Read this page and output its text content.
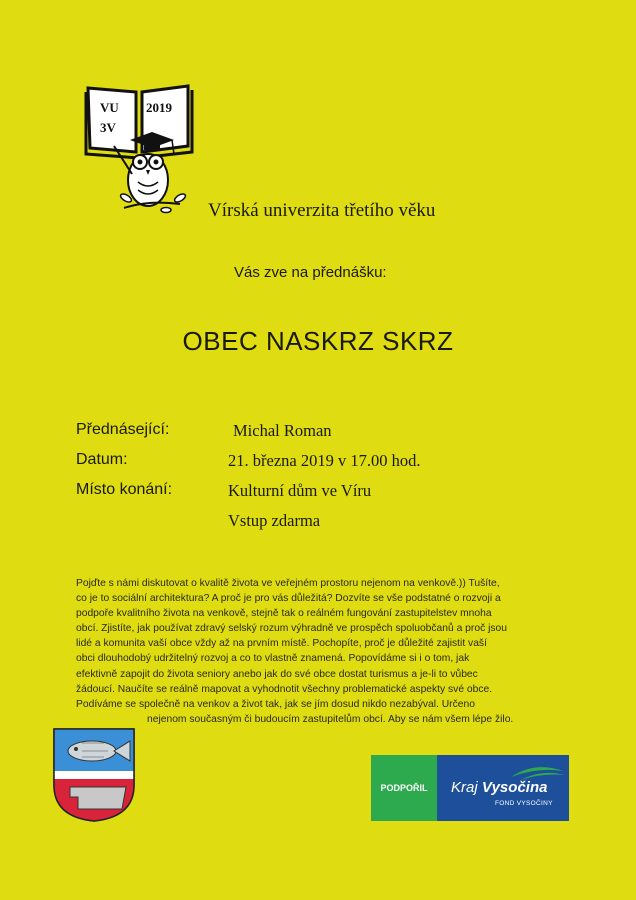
VU
3V
2019
Vírská univerzita třetího věku
Vás zve na přednášku:
OBEC NASKRZ SKRZ
Přednásející:	Michal Roman
Datum:	21. března 2019 v 17.00 hod.
Místo konání:	Kulturní dům ve Víru
Vstup zdarma
Pojďte s námi diskutovat o kvalitě života ve veřejném prostoru nejenom na venkově.)) Tušíte,
co je to sociální architektura? A proč je pro vás důležitá? Dozvíte se vše podstatné o rozvoji a
podpoře kvalitního života na venkově, stejně tak o reálném fungování zastupitelstev mnoha
obcí. Zjistíte, jak používat zdravý selský rozum výhradně ve prospěch spoluobčanů a proč jsou
lidé a komunita vaší obce vždy až na prvním místě. Pochopíte, proč je důležité zajistit vaší
obci dlouhodobý udržitelný rozvoj a co to vlastně znamená. Popovídáme si i o tom, jak
efektivně zapojit do života seniory anebo jak do své obce dostat turismus a je-li to vůbec
žádoucí. Naučíte se reálně mapovat a vyhodnotit všechny problematické aspekty své obce.
Podíváme se společně na venkov a život tak, jak se jím dosud nikdo nezabýval. Určeno
nejenom současným či budoucím zastupitelům obcí. Aby se nám všem lépe žilo.
PODPOŘIL	Kraj Vysočina
FOND VYSOČINY
